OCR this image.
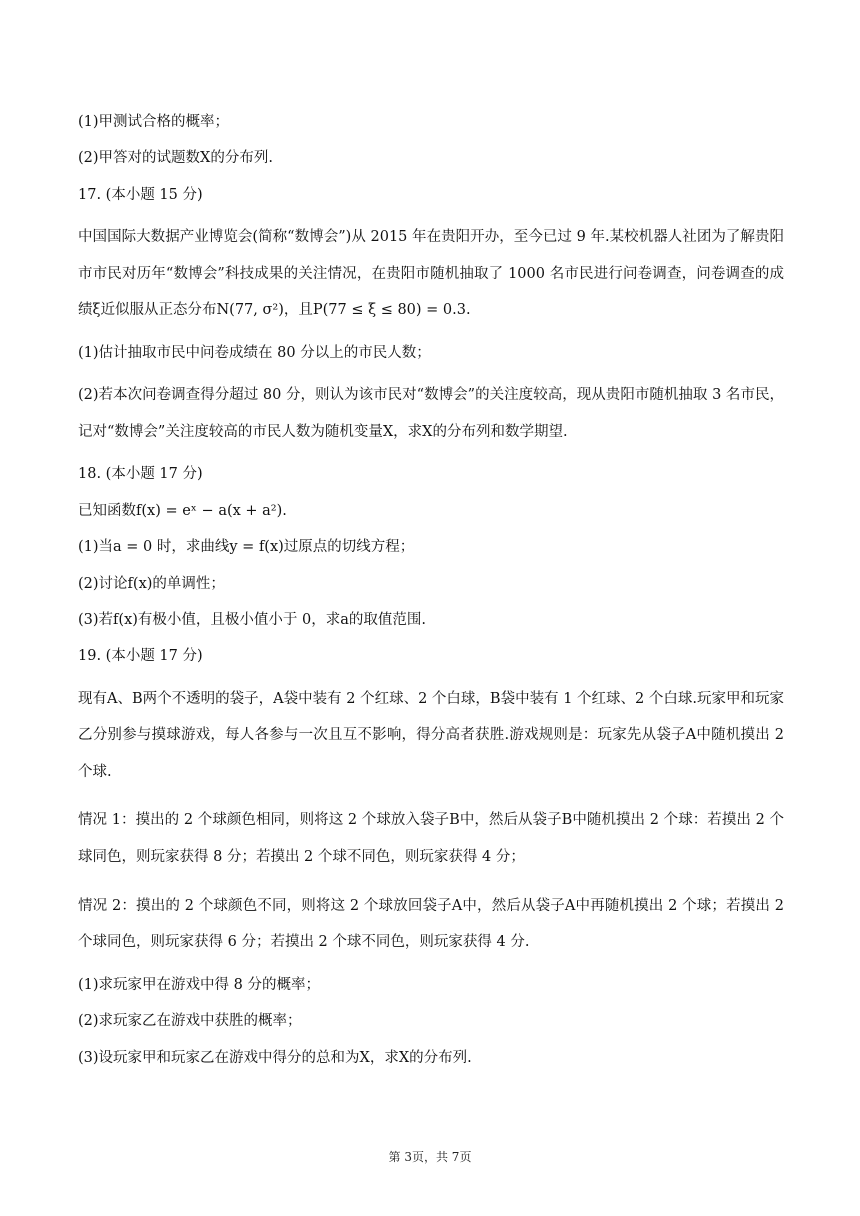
(1)甲测试合格的概率；
(2)甲答对的试题数X的分布列.
17. (本小题 15 分)
中国国际大数据产业博览会(简称“数博会”)从 2015 年在贵阳开办，至今已过 9 年.某校机器人社团为了解贵阳市市民对历年“数博会”科技成果的关注情况，在贵阳市随机抽取了 1000 名市民进行问卷调查，问卷调查的成绩ξ近似服从正态分布N(77, σ²)，且P(77 ≤ ξ ≤ 80) = 0.3.
(1)估计抽取市民中问卷成绩在 80 分以上的市民人数；
(2)若本次问卷调查得分超过 80 分，则认为该市民对“数博会”的关注度较高，现从贵阳市随机抽取 3 名市民，记对“数博会”关注度较高的市民人数为随机变量X，求X的分布列和数学期望.
18. (本小题 17 分)
已知函数f(x) = eˣ − a(x + a²).
(1)当a = 0 时，求曲线y = f(x)过原点的切线方程；
(2)讨论f(x)的单调性；
(3)若f(x)有极小值，且极小值小于 0，求a的取值范围.
19. (本小题 17 分)
现有A、B两个不透明的袋子，A袋中装有 2 个红球、2 个白球，B袋中装有 1 个红球、2 个白球.玩家甲和玩家乙分别参与摸球游戏，每人各参与一次且互不影响，得分高者获胜.游戏规则是：玩家先从袋子A中随机摸出 2 个球.
情况 1：摸出的 2 个球颜色相同，则将这 2 个球放入袋子B中，然后从袋子B中随机摸出 2 个球：若摸出 2 个球同色，则玩家获得 8 分；若摸出 2 个球不同色，则玩家获得 4 分；
情况 2：摸出的 2 个球颜色不同，则将这 2 个球放回袋子A中，然后从袋子A中再随机摸出 2 个球；若摸出 2 个球同色，则玩家获得 6 分；若摸出 2 个球不同色，则玩家获得 4 分.
(1)求玩家甲在游戏中得 8 分的概率；
(2)求玩家乙在游戏中获胜的概率；
(3)设玩家甲和玩家乙在游戏中得分的总和为X，求X的分布列.
第 3页，共 7页
